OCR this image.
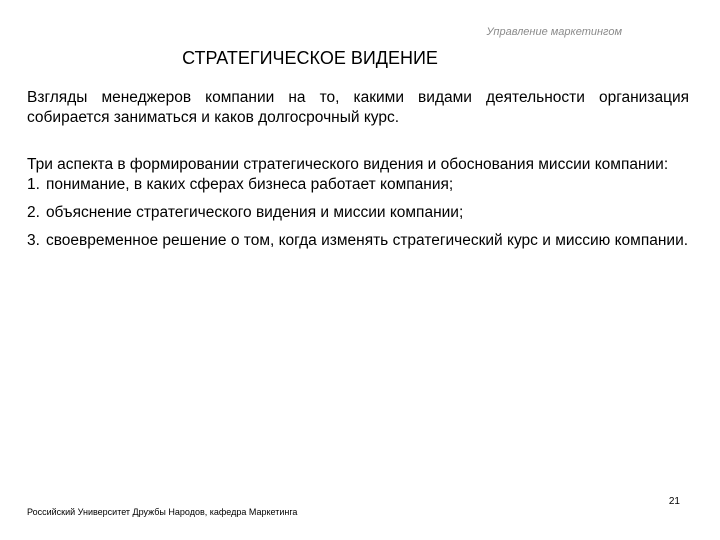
Управление маркетингом
СТРАТЕГИЧЕСКОЕ ВИДЕНИЕ

Взгляды менеджеров компании на то, какими видами деятельности организация собирается заниматься и каков долгосрочный курс.

Три аспекта в формировании стратегического видения и обоснования миссии компании:

1. понимание, в каких сферах бизнеса работает компания;
2. объяснение стратегического видения и миссии компании;
3. своевременное решение о том, когда изменять стратегический курс и миссию компании.
21
Российский Университет Дружбы Народов, кафедра Маркетинга
